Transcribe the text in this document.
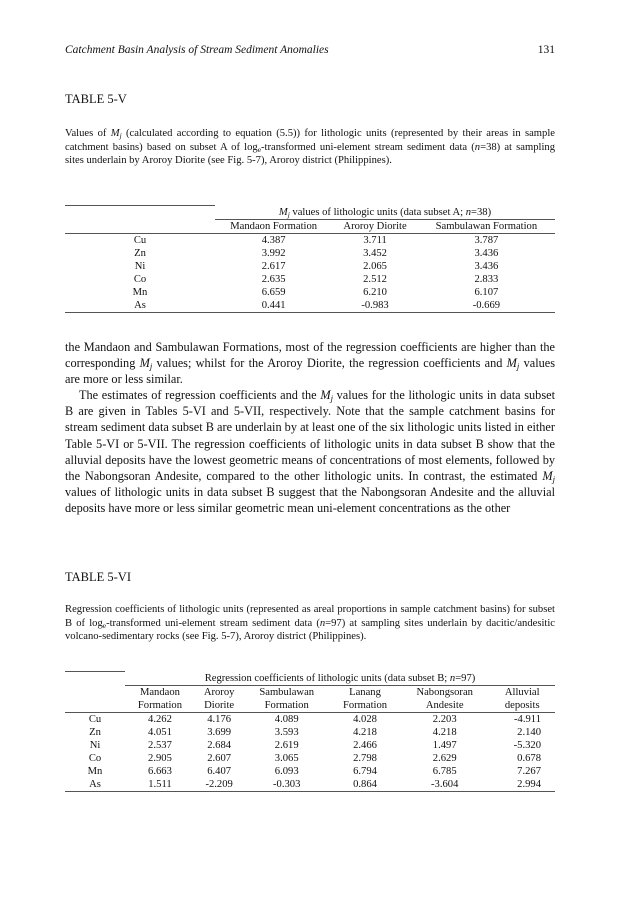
Catchment Basin Analysis of Stream Sediment Anomalies	131
TABLE 5-V
Values of $M_j$ (calculated according to equation (5.5)) for lithologic units (represented by their areas in sample catchment basins) based on subset A of $\log_e$-transformed uni-element stream sediment data (n=38) at sampling sites underlain by Aroroy Diorite (see Fig. 5-7), Aroroy district (Philippines).
	$M_j$ values of lithologic units (data subset A; n=38)		
	Mandaon Formation	Aroroy Diorite	Sambulawan Formation
Cu	4.387	3.711	3.787
Zn	3.992	3.452	3.436
Ni	2.617	2.065	3.436
Co	2.635	2.512	2.833
Mn	6.659	6.210	6.107
As	0.441	-0.983	-0.669

the Mandaon and Sambulawan Formations, most of the regression coefficients are higher than the corresponding $M_j$ values; whilst for the Aroroy Diorite, the regression coefficients and $M_j$ values are more or less similar.

The estimates of regression coefficients and the $M_j$ values for the lithologic units in data subset B are given in Tables 5-VI and 5-VII, respectively. Note that the sample catchment basins for stream sediment data subset B are underlain by at least one of the six lithologic units listed in either Table 5-VI or 5-VII. The regression coefficients of lithologic units in data subset B show that the alluvial deposits have the lowest geometric means of concentrations of most elements, followed by the Nabongsoran Andesite, compared to the other lithologic units. In contrast, the estimated $M_j$ values of lithologic units in data subset B suggest that the Nabongsoran Andesite and the alluvial deposits have more or less similar geometric mean uni-element concentrations as the other

TABLE 5-VI
Regression coefficients of lithologic units (represented as areal proportions in sample catchment basins) for subset B of $\log_e$-transformed uni-element stream sediment data (n=97) at sampling sites underlain by dacitic/andesitic volcano-sedimentary rocks (see Fig. 5-7), Aroroy district (Philippines).
	Regression coefficients of lithologic units (data subset B; n=97)					
	Mandaon	Aroroy	Sambulawan	Lanang	Nabongsoran	Alluvial
	Formation	Diorite	Formation	Formation	Andesite	deposits
Cu	4.262	4.176	4.089	4.028	2.203	-4.911
Zn	4.051	3.699	3.593	4.218	4.218	2.140
Ni	2.537	2.684	2.619	2.466	1.497	-5.320
Co	2.905	2.607	3.065	2.798	2.629	0.678
Mn	6.663	6.407	6.093	6.794	6.785	7.267
As	1.511	-2.209	-0.303	0.864	-3.604	2.994
